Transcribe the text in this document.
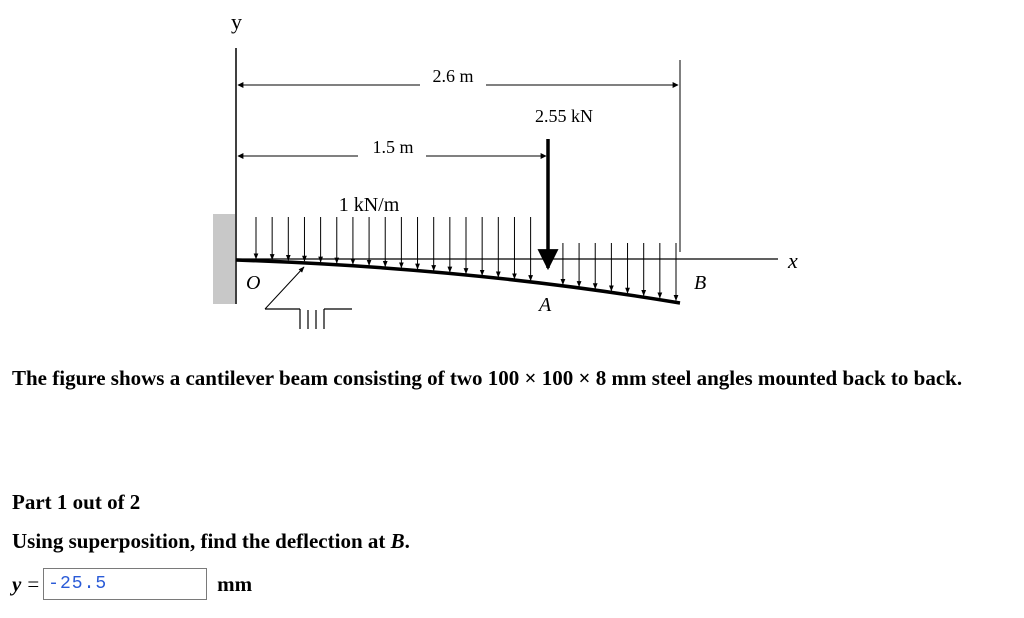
y
x
2.6 m
1.5 m
2.55 kN
1 kN/m
O
A
B
The figure shows a cantilever beam consisting of two 100 × 100 × 8 mm steel angles mounted back to back.
Part 1 out of 2
Using superposition, find the deflection at B.
y =
-25.5	mm
